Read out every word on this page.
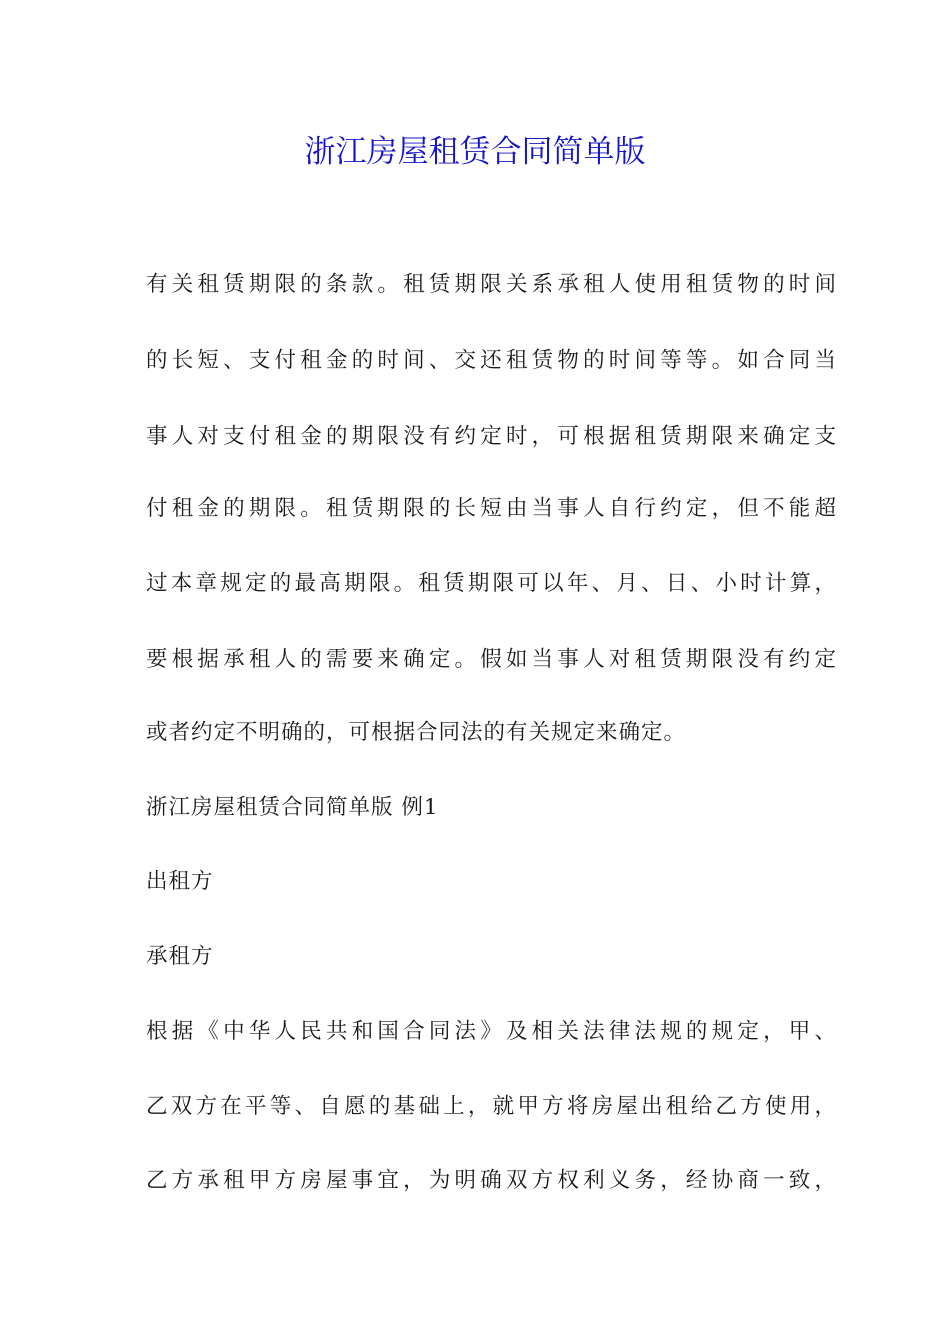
浙江房屋租赁合同简单版

有关租赁期限的条款。租赁期限关系承租人使用租赁物的时间

的长短、支付租金的时间、交还租赁物的时间等等。如合同当

事人对支付租金的期限没有约定时，可根据租赁期限来确定支

付租金的期限。租赁期限的长短由当事人自行约定，但不能超

过本章规定的最高期限。租赁期限可以年、月、日、小时计算，

要根据承租人的需要来确定。假如当事人对租赁期限没有约定

或者约定不明确的，可根据合同法的有关规定来确定。

浙江房屋租赁合同简单版 例1

出租方

承租方

根据《中华人民共和国合同法》及相关法律法规的规定，甲、

乙双方在平等、自愿的基础上，就甲方将房屋出租给乙方使用，

乙方承租甲方房屋事宜，为明确双方权利义务，经协商一致，
